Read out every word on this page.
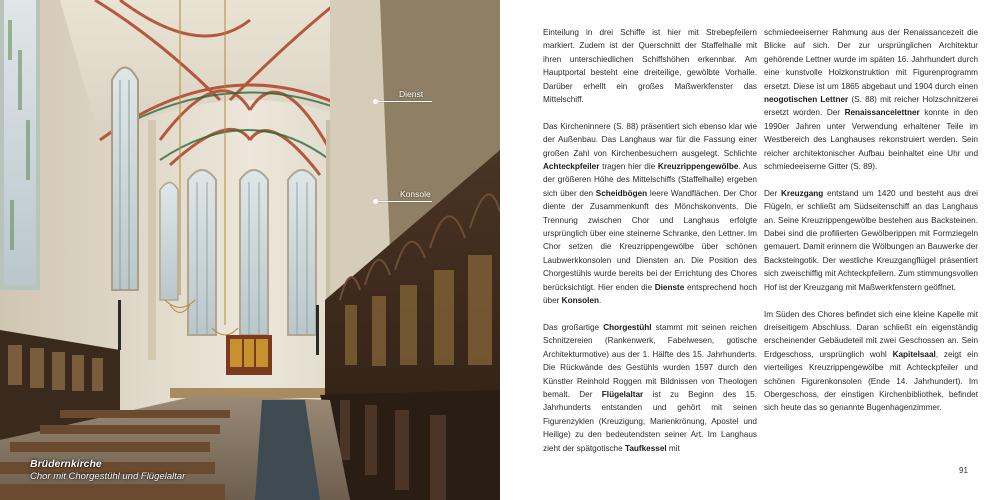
Dienst
Konsole
Brüdernkirche
Chor mit Chorgestühl und Flügelaltar

Einteilung in drei Schiffe ist hier mit Strebepfeilern markiert. Zudem ist der Querschnitt der Staffelhalle mit ihren unterschiedlichen Schiffshöhen erkennbar. Am Hauptportal besteht eine dreiteilige, gewölbte Vorhalle. Darüber erhellt ein großes Maßwerkfenster das Mittelschiff.

Das Kircheninnere (S. 88) präsentiert sich ebenso klar wie der Außenbau. Das Langhaus war für die Fassung einer großen Zahl von Kirchenbesuchern ausgelegt. Schlichte Achteckpfeiler tragen hier die Kreuzrippengewölbe. Aus der größeren Höhe des Mittelschiffs (Staffelhalle) ergeben sich über den Scheidbögen leere Wandflächen. Der Chor diente der Zusammenkunft des Mönchskonvents. Die Trennung zwischen Chor und Langhaus erfolgte ursprünglich über eine steinerne Schranke, den Lettner. Im Chor setzen die Kreuzrippengewölbe über schönen Laubwerkkonsolen und Diensten an. Die Position des Chorgestühls wurde bereits bei der Errichtung des Chores berücksichtigt. Hier enden die Dienste entsprechend hoch über Konsolen.

Das großartige Chorgestühl stammt mit seinen reichen Schnitzereien (Rankenwerk, Fabelwesen, gotische Architekturmotive) aus der 1. Hälfte des 15. Jahrhunderts. Die Rückwände des Gestühls wurden 1597 durch den Künstler Reinhold Roggen mit Bildnissen von Theologen bemalt. Der Flügelaltar ist zu Beginn des 15. Jahrhunderts entstanden und gehört mit seinen Figurenzyklen (Kreuzigung, Marienkrönung, Apostel und Heilige) zu den bedeutendsten seiner Art. Im Langhaus zieht der spätgotische Taufkessel mit

schmiedeeiserner Rahmung aus der Renaissancezeit die Blicke auf sich. Der zur ursprünglichen Architektur gehörende Lettner wurde im späten 16. Jahrhundert durch eine kunstvolle Holzkonstruktion mit Figurenprogramm ersetzt. Diese ist um 1865 abgebaut und 1904 durch einen neogotischen Lettner (S. 88) mit reicher Holzschnitzerei ersetzt worden. Der Renaissancelettner konnte in den 1990er Jahren unter Verwendung erhaltener Teile im Westbereich des Langhauses rekonstruiert werden. Sein reicher architektonischer Aufbau beinhaltet eine Uhr und schmiedeeiserne Gitter (S. 89).

Der Kreuzgang entstand um 1420 und besteht aus drei Flügeln, er schließt am Südseitenschiff an das Langhaus an. Seine Kreuzrippengewölbe bestehen aus Backsteinen. Dabei sind die profilierten Gewölberippen mit Formziegeln gemauert. Damit erinnern die Wölbungen an Bauwerke der Backsteingotik. Der westliche Kreuzgangflügel präsentiert sich zweischiffig mit Achteckpfeilern. Zum stimmungsvollen Hof ist der Kreuzgang mit Maßwerkfenstern geöffnet.

Im Süden des Chores befindet sich eine kleine Kapelle mit dreiseitigem Abschluss. Daran schließt ein eigenständig erscheinender Gebäudeteil mit zwei Geschossen an. Sein Erdgeschoss, ursprünglich wohl Kapitelsaal, zeigt ein vierteiliges Kreuzrippengewölbe mit Achteckpfeiler und schönen Figurenkonsolen (Ende 14. Jahrhundert). Im Obergeschoss, der einstigen Kirchenbibliothek, befindet sich heute das so genannte Bugenhagenzimmer.

91
